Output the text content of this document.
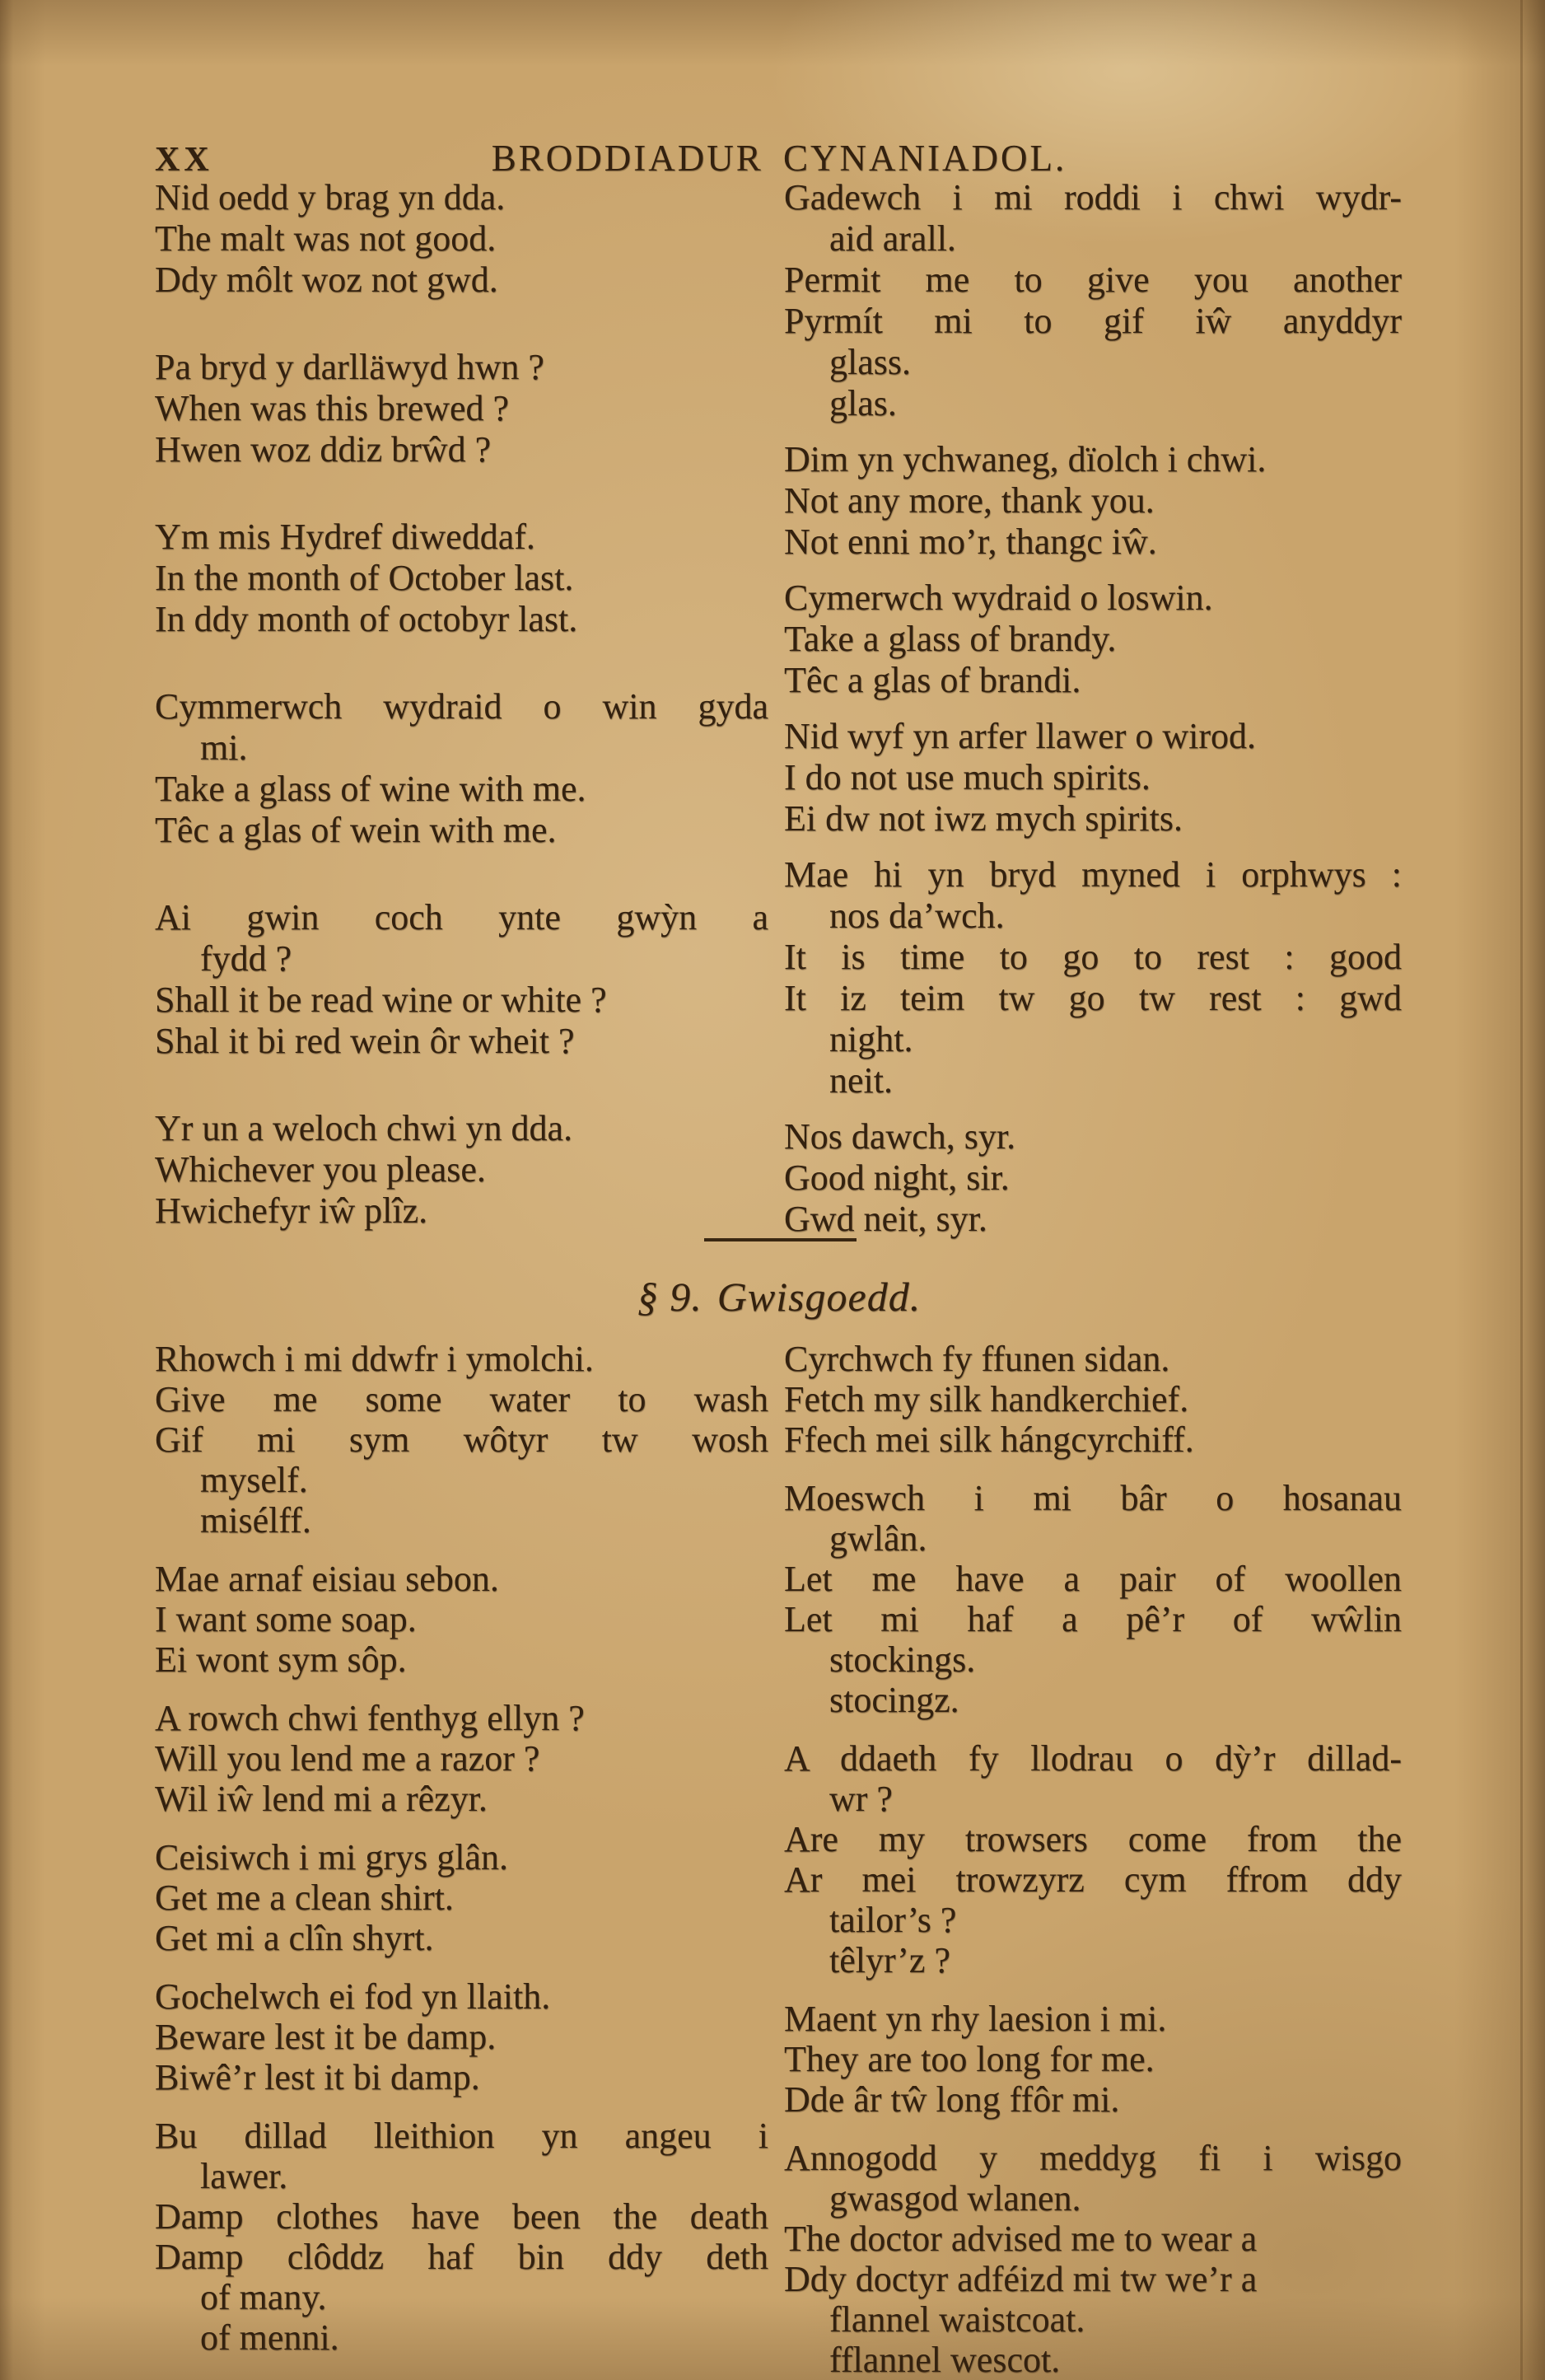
XX	BRODDIADUR CYNANIADOL.

Nid oedd y brag yn dda.

The malt was not good.

Ddy môlt woz not gwd.

Pa bryd y darlläwyd hwn ?

When was this brewed ?

Hwen woz ddiz brŵd ?

Ym mis Hydref diweddaf.

In the month of October last.

In ddy month of octobyr last.

Cymmerwch wydraid o win gyda

mi.

Take a glass of wine with me.

Têc a glas of wein with me.

Ai gwin coch ynte gwỳn a

fydd ?

Shall it be read wine or white ?

Shal it bi red wein ôr wheit ?

Yr un a weloch chwi yn dda.

Whichever you please.

Hwichefyr iŵ plîz.

Gadewch i mi roddi i chwi wydr-

aid arall.

Permit me to give you another

Pyrmít mi to gif iŵ anyddyr

glass.

glas.

Dim yn ychwaneg, dïolch i chwi.

Not any more, thank you.

Not enni mo’r, thangc iŵ.

Cymerwch wydraid o loswin.

Take a glass of brandy.

Têc a glas of brandi.

Nid wyf yn arfer llawer o wirod.

I do not use much spirits.

Ei dw not iwz mych spirits.

Mae hi yn bryd myned i orphwys :

nos da’wch.

It is time to go to rest : good

It iz teim tw go tw rest : gwd

night.

neit.

Nos dawch, syr.

Good night, sir.

Gwd neit, syr.

§ 9. Gwisgoedd.

Rhowch i mi ddwfr i ymolchi.

Give me some water to wash

Gif mi sym wôtyr tw wosh

myself.

misélff.

Mae arnaf eisiau sebon.

I want some soap.

Ei wont sym sôp.

A rowch chwi fenthyg ellyn ?

Will you lend me a razor ?

Wil iŵ lend mi a rêzyr.

Ceisiwch i mi grys glân.

Get me a clean shirt.

Get mi a clîn shyrt.

Gochelwch ei fod yn llaith.

Beware lest it be damp.

Biwê’r lest it bi damp.

Bu dillad lleithion yn angeu i

lawer.

Damp clothes have been the death

Damp clôddz haf bin ddy deth

of many.

of menni.

Cyrchwch fy ffunen sidan.

Fetch my silk handkerchief.

Ffech mei silk hángcyrchiff.

Moeswch i mi bâr o hosanau

gwlân.

Let me have a pair of woollen

Let mi haf a pê’r of wŵlin

stockings.

stocingz.

A ddaeth fy llodrau o dỳ’r dillad-

wr ?

Are my trowsers come from the

Ar mei trowzyrz cym ffrom ddy

tailor’s ?

têlyr’z ?

Maent yn rhy laesion i mi.

They are too long for me.

Dde âr tŵ long ffôr mi.

Annogodd y meddyg fi i wisgo

gwasgod wlanen.

The doctor advised me to wear a

Ddy doctyr adféizd mi tw we’r a

flannel waistcoat.

fflannel wescot.
